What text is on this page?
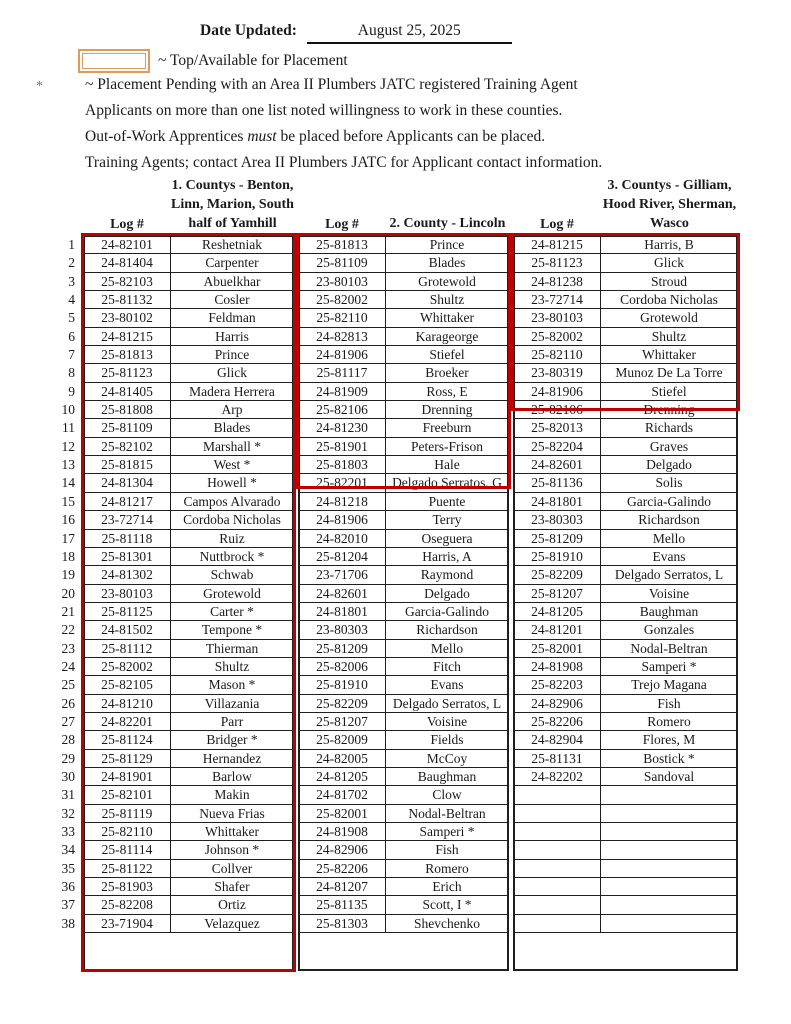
Date Updated:	August 25, 2025
~ Top/Available for Placement
*	~ Placement Pending with an Area II Plumbers JATC registered Training Agent
Applicants on more than one list noted willingness to work in these counties.
Out-of-Work Apprentices must be placed before Applicants can be placed.
Training Agents; contact Area II Plumbers JATC for Applicant contact information.
Log #
1. Countys - Benton,
Linn, Marion, South
half of Yamhill	Log #	2. County - Lincoln	Log #
3. Countys - Gilliam,
Hood River, Sherman,
Wasco
1	24-82101	Reshetniak	25-81813	Prince	24-81215	Harris, B
2	24-81404	Carpenter	25-81109	Blades	25-81123	Glick
3	25-82103	Abuelkhar	23-80103	Grotewold	24-81238	Stroud
4	25-81132	Cosler	25-82002	Shultz	23-72714	Cordoba Nicholas
5	23-80102	Feldman	25-82110	Whittaker	23-80103	Grotewold
6	24-81215	Harris	24-82813	Karageorge	25-82002	Shultz
7	25-81813	Prince	24-81906	Stiefel	25-82110	Whittaker
8	25-81123	Glick	25-81117	Broeker	23-80319	Munoz De La Torre
9	24-81405	Madera Herrera	24-81909	Ross, E	24-81906	Stiefel
10	25-81808	Arp	25-82106	Drenning	25-82106	Drenning
11	25-81109	Blades	24-81230	Freeburn	25-82013	Richards
12	25-82102	Marshall *	25-81901	Peters-Frison	25-82204	Graves
13	25-81815	West *	25-81803	Hale	24-82601	Delgado
14	24-81304	Howell *	25-82201	Delgado Serratos, G	25-81136	Solis
15	24-81217	Campos Alvarado	24-81218	Puente	24-81801	Garcia-Galindo
16	23-72714	Cordoba Nicholas	24-81906	Terry	23-80303	Richardson
17	25-81118	Ruiz	24-82010	Oseguera	25-81209	Mello
18	25-81301	Nuttbrock *	25-81204	Harris, A	25-81910	Evans
19	24-81302	Schwab	23-71706	Raymond	25-82209	Delgado Serratos, L
20	23-80103	Grotewold	24-82601	Delgado	25-81207	Voisine
21	25-81125	Carter *	24-81801	Garcia-Galindo	24-81205	Baughman
22	24-81502	Tempone *	23-80303	Richardson	24-81201	Gonzales
23	25-81112	Thierman	25-81209	Mello	25-82001	Nodal-Beltran
24	25-82002	Shultz	25-82006	Fitch	24-81908	Samperi *
25	25-82105	Mason *	25-81910	Evans	25-82203	Trejo Magana
26	24-81210	Villazania	25-82209	Delgado Serratos, L	24-82906	Fish
27	24-82201	Parr	25-81207	Voisine	25-82206	Romero
28	25-81124	Bridger *	25-82009	Fields	24-82904	Flores, M
29	25-81129	Hernandez	24-82005	McCoy	25-81131	Bostick *
30	24-81901	Barlow	24-81205	Baughman	24-82202	Sandoval
31	25-82101	Makin	24-81702	Clow
32	25-81119	Nueva Frias	25-82001	Nodal-Beltran
33	25-82110	Whittaker	24-81908	Samperi *
34	25-81114	Johnson *	24-82906	Fish
35	25-81122	Collver	25-82206	Romero
36	25-81903	Shafer	24-81207	Erich
37	25-82208	Ortiz	25-81135	Scott, I *
38	23-71904	Velazquez	25-81303	Shevchenko
